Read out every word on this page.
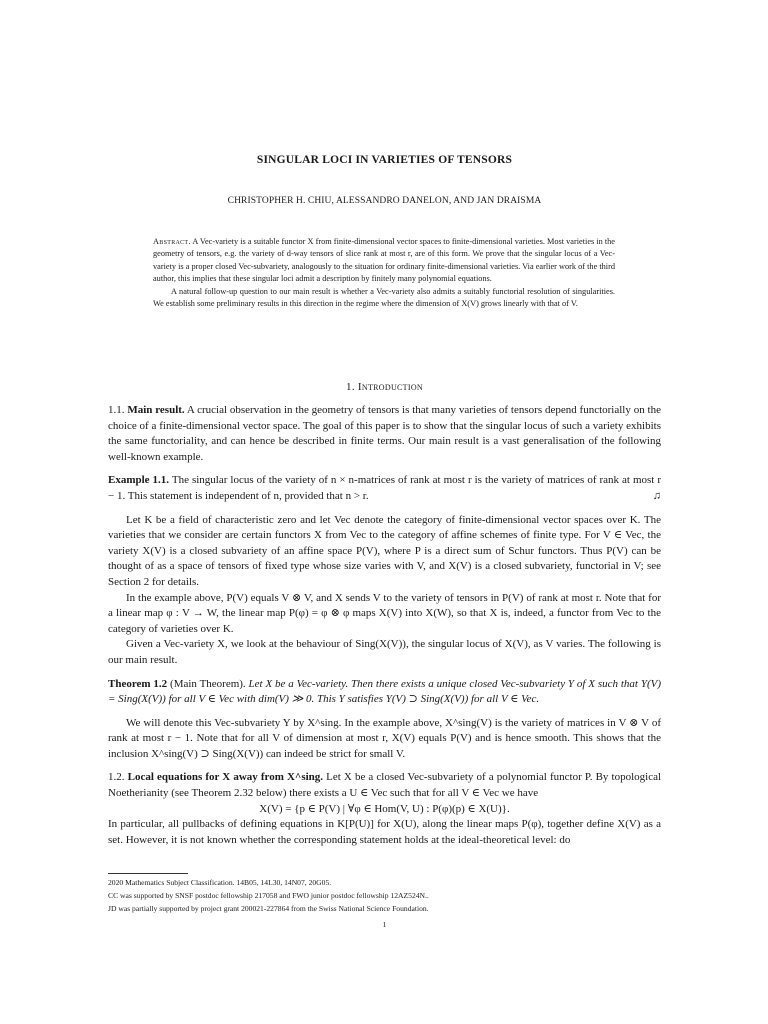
SINGULAR LOCI IN VARIETIES OF TENSORS
CHRISTOPHER H. CHIU, ALESSANDRO DANELON, AND JAN DRAISMA

Abstract. A Vec-variety is a suitable functor X from finite-dimensional vector spaces to finite-dimensional varieties. Most varieties in the geometry of tensors, e.g. the variety of d-way tensors of slice rank at most r, are of this form. We prove that the singular locus of a Vec-variety is a proper closed Vec-subvariety, analogously to the situation for ordinary finite-dimensional varieties. Via earlier work of the third author, this implies that these singular loci admit a description by finitely many polynomial equations.

A natural follow-up question to our main result is whether a Vec-variety also admits a suitably functorial resolution of singularities. We establish some preliminary results in this direction in the regime where the dimension of X(V) grows linearly with that of V.

1. Introduction

1.1. Main result. A crucial observation in the geometry of tensors is that many varieties of tensors depend functorially on the choice of a finite-dimensional vector space. The goal of this paper is to show that the singular locus of such a variety exhibits the same functoriality, and can hence be described in finite terms. Our main result is a vast generalisation of the following well-known example.

Example 1.1. The singular locus of the variety of n × n-matrices of rank at most r is the variety of matrices of rank at most r − 1. This statement is independent of n, provided that n > r.	♫

Let K be a field of characteristic zero and let Vec denote the category of finite-dimensional vector spaces over K. The varieties that we consider are certain functors X from Vec to the category of affine schemes of finite type. For V ∈ Vec, the variety X(V) is a closed subvariety of an affine space P(V), where P is a direct sum of Schur functors. Thus P(V) can be thought of as a space of tensors of fixed type whose size varies with V, and X(V) is a closed subvariety, functorial in V; see Section 2 for details.

In the example above, P(V) equals V ⊗ V, and X sends V to the variety of tensors in P(V) of rank at most r. Note that for a linear map φ : V → W, the linear map P(φ) = φ ⊗ φ maps X(V) into X(W), so that X is, indeed, a functor from Vec to the category of varieties over K.

Given a Vec-variety X, we look at the behaviour of Sing(X(V)), the singular locus of X(V), as V varies. The following is our main result.

Theorem 1.2 (Main Theorem). Let X be a Vec-variety. Then there exists a unique closed Vec-subvariety Y of X such that Y(V) = Sing(X(V)) for all V ∈ Vec with dim(V) ≫ 0. This Y satisfies Y(V) ⊃ Sing(X(V)) for all V ∈ Vec.

We will denote this Vec-subvariety Y by X^sing. In the example above, X^sing(V) is the variety of matrices in V ⊗ V of rank at most r − 1. Note that for all V of dimension at most r, X(V) equals P(V) and is hence smooth. This shows that the inclusion X^sing(V) ⊃ Sing(X(V)) can indeed be strict for small V.

1.2. Local equations for X away from X^sing. Let X be a closed Vec-subvariety of a polynomial functor P. By topological Noetherianity (see Theorem 2.32 below) there exists a U ∈ Vec such that for all V ∈ Vec we have

X(V) = {p ∈ P(V) | ∀φ ∈ Hom(V, U) : P(φ)(p) ∈ X(U)}.

In particular, all pullbacks of defining equations in K[P(U)] for X(U), along the linear maps P(φ), together define X(V) as a set. However, it is not known whether the corresponding statement holds at the ideal-theoretical level: do

2020 Mathematics Subject Classification. 14B05, 14L30, 14N07, 20G05.
CC was supported by SNSF postdoc fellowship 217058 and FWO junior postdoc fellowship 12AZ524N..
JD was partially supported by project grant 200021-227864 from the Swiss National Science Foundation.
1
